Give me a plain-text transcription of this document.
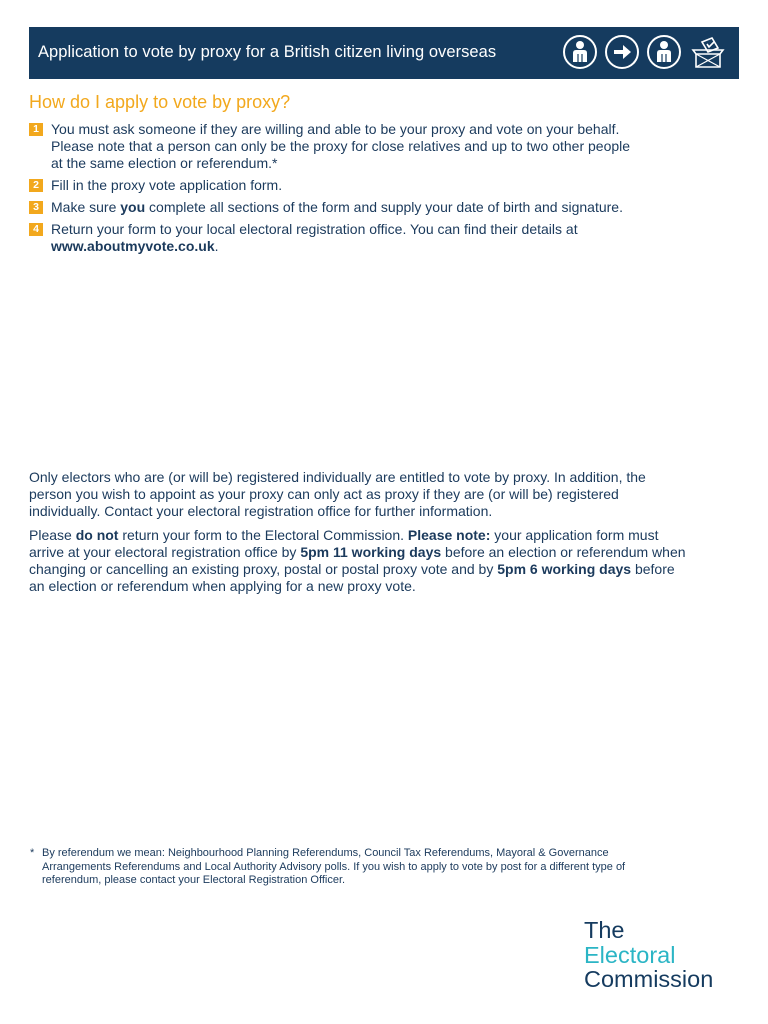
Application to vote by proxy for a British citizen living overseas
How do I apply to vote by proxy?
1 You must ask someone if they are willing and able to be your proxy and vote on your behalf.
Please note that a person can only be the proxy for close relatives and up to two other people
at the same election or referendum.*
2 Fill in the proxy vote application form.
3 Make sure you complete all sections of the form and supply your date of birth and signature.
4 Return your form to your local electoral registration office. You can find their details at
www.aboutmyvote.co.uk.
Only electors who are (or will be) registered individually are entitled to vote by proxy. In addition, the
person you wish to appoint as your proxy can only act as proxy if they are (or will be) registered
individually. Contact your electoral registration office for further information.
Please do not return your form to the Electoral Commission. Please note: your application form must
arrive at your electoral registration office by 5pm 11 working days before an election or referendum when
changing or cancelling an existing proxy, postal or postal proxy vote and by 5pm 6 working days before
an election or referendum when applying for a new proxy vote.
* By referendum we mean: Neighbourhood Planning Referendums, Council Tax Referendums, Mayoral & Governance
Arrangements Referendums and Local Authority Advisory polls. If you wish to apply to vote by post for a different type of
referendum, please contact your Electoral Registration Officer.
The
Electoral
Commission
